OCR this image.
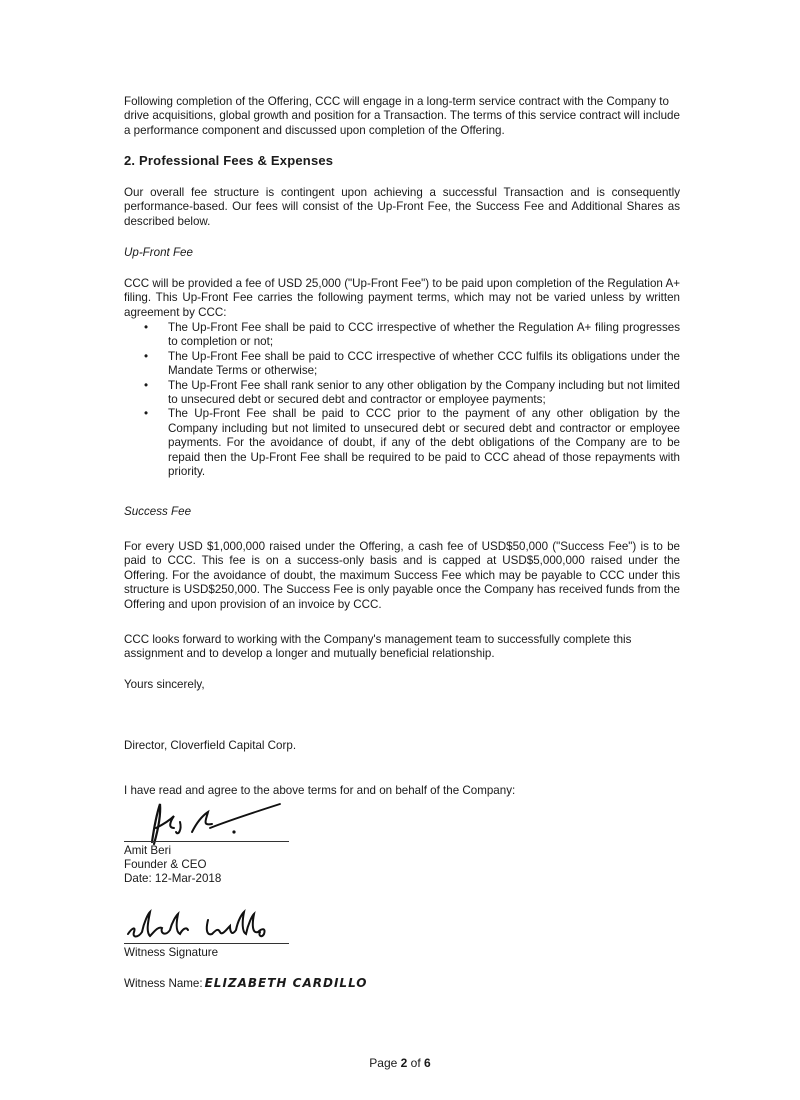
Following completion of the Offering, CCC will engage in a long-term service contract with the Company to drive acquisitions, global growth and position for a Transaction. The terms of this service contract will include a performance component and discussed upon completion of the Offering.

2. Professional Fees & Expenses

Our overall fee structure is contingent upon achieving a successful Transaction and is consequently performance-based. Our fees will consist of the Up-Front Fee, the Success Fee and Additional Shares as described below.

Up-Front Fee

CCC will be provided a fee of USD 25,000 ("Up-Front Fee") to be paid upon completion of the Regulation A+ filing. This Up-Front Fee carries the following payment terms, which may not be varied unless by written agreement by CCC:

• The Up-Front Fee shall be paid to CCC irrespective of whether the Regulation A+ filing progresses to completion or not;
• The Up-Front Fee shall be paid to CCC irrespective of whether CCC fulfils its obligations under the Mandate Terms or otherwise;
• The Up-Front Fee shall rank senior to any other obligation by the Company including but not limited to unsecured debt or secured debt and contractor or employee payments;
• The Up-Front Fee shall be paid to CCC prior to the payment of any other obligation by the Company including but not limited to unsecured debt or secured debt and contractor or employee payments. For the avoidance of doubt, if any of the debt obligations of the Company are to be repaid then the Up-Front Fee shall be required to be paid to CCC ahead of those repayments with priority.
Success Fee

For every USD $1,000,000 raised under the Offering, a cash fee of USD$50,000 ("Success Fee") is to be paid to CCC. This fee is on a success-only basis and is capped at USD$5,000,000 raised under the Offering. For the avoidance of doubt, the maximum Success Fee which may be payable to CCC under this structure is USD$250,000. The Success Fee is only payable once the Company has received funds from the Offering and upon provision of an invoice by CCC.

CCC looks forward to working with the Company's management team to successfully complete this assignment and to develop a longer and mutually beneficial relationship.

Yours sincerely,
Director, Cloverfield Capital Corp.
I have read and agree to the above terms for and on behalf of the Company:
Amit Beri
Founder & CEO
Date: 12-Mar-2018
Witness Signature
Witness Name: ELIZABETH CARDILLO
Page 2 of 6
